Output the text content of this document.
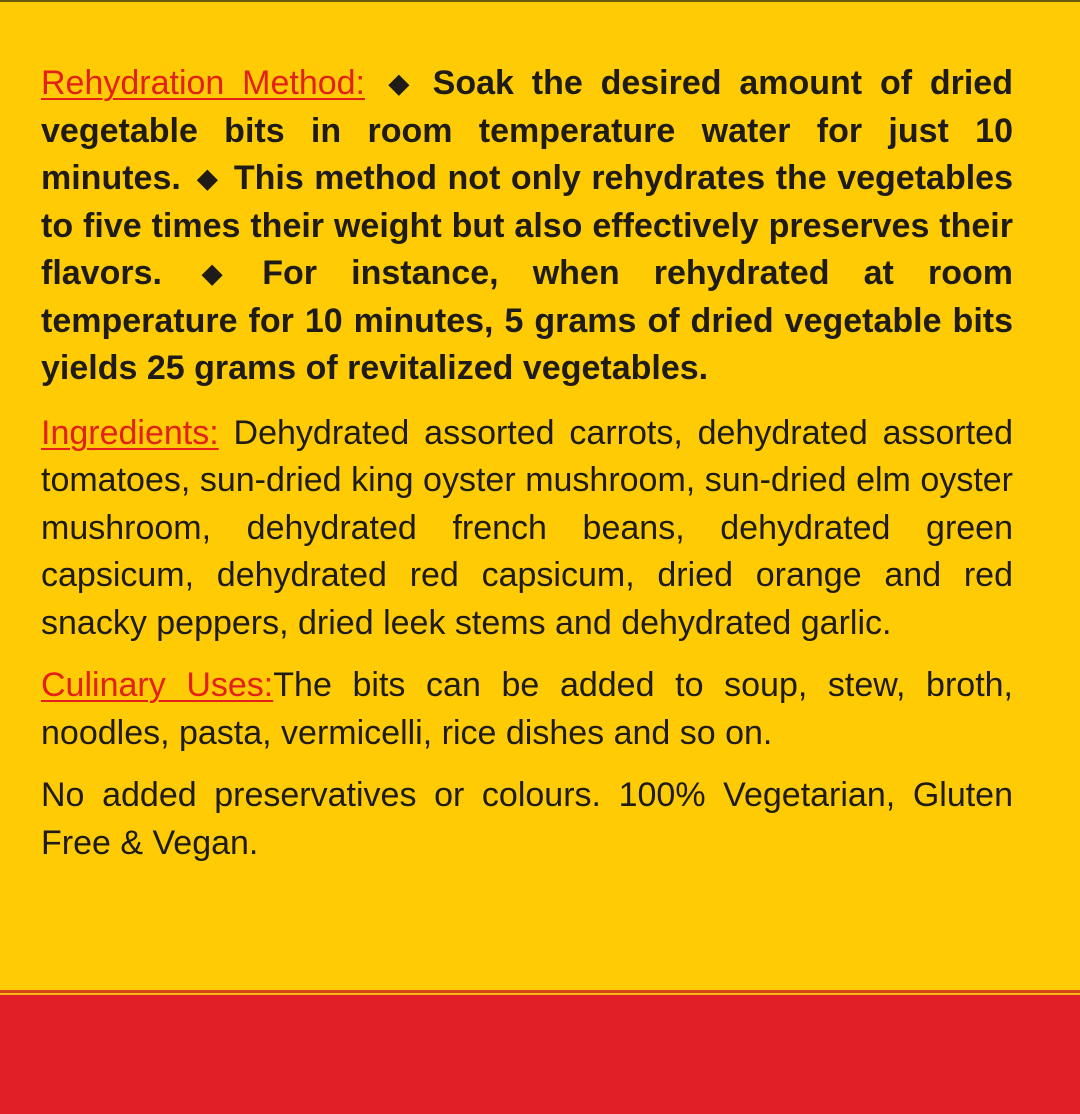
Rehydration Method: ◆ Soak the desired amount of dried vegetable bits in room temperature water for just 10 minutes. ◆ This method not only rehydrates the vegetables to five times their weight but also effectively preserves their flavors. ◆ For instance, when rehydrated at room temperature for 10 minutes, 5 grams of dried vegetable bits yields 25 grams of revitalized vegetables.

Ingredients: Dehydrated assorted carrots, dehydrated assorted tomatoes, sun-dried king oyster mushroom, sun-dried elm oyster mushroom, dehydrated french beans, dehydrated green capsicum, dehydrated red capsicum, dried orange and red snacky peppers, dried leek stems and dehydrated garlic.

Culinary Uses:The bits can be added to soup, stew, broth, noodles, pasta, vermicelli, rice dishes and so on.

No added preservatives or colours. 100% Vegetarian, Gluten Free & Vegan.
